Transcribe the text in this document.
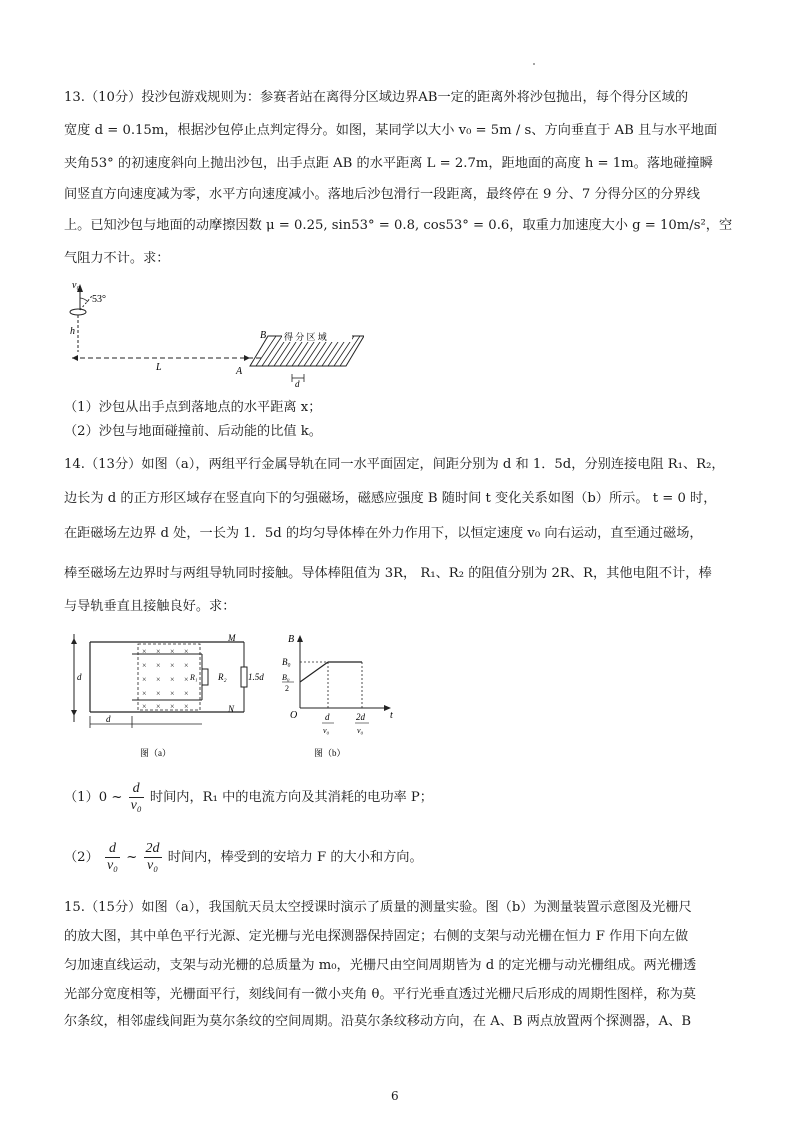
13.（10分）投沙包游戏规则为：参赛者站在离得分区域边界AB一定的距离外将沙包抛出，每个得分区域的
宽度 d = 0.15m，根据沙包停止点判定得分。如图，某同学以大小 v₀ = 5m / s、方向垂直于 AB 且与水平地面
夹角53° 的初速度斜向上抛出沙包，出手点距 AB 的水平距离 L = 2.7m，距地面的高度 h = 1m。落地碰撞瞬
间竖直方向速度减为零，水平方向速度减小。落地后沙包滑行一段距离，最终停在 9 分、7 分得分区的分界线
上。已知沙包与地面的动摩擦因数 μ = 0.25, sin53° = 0.8, cos53° = 0.6，取重力加速度大小 g = 10m/s²，空
气阻力不计。求：
v₀
53°
h
L
得 分 区 域
B
A
d
（1）沙包从出手点到落地点的水平距离 x；
（2）沙包与地面碰撞前、后动能的比值 k。
14.（13分）如图（a），两组平行金属导轨在同一水平面固定，间距分别为 d 和 1．5d，分别连接电阻 R₁、R₂，
边长为 d 的正方形区域存在竖直向下的匀强磁场，磁感应强度 B 随时间 t 变化关系如图（b）所示。 t = 0 时，
在距磁场左边界 d 处，一长为 1．5d 的均匀导体棒在外力作用下，以恒定速度 v₀ 向右运动，直至通过磁场，
棒至磁场左边界时与两组导轨同时接触。导体棒阻值为 3R， R₁、R₂ 的阻值分别为 2R、R，其他电阻不计，棒
与导轨垂直且接触良好。求：
× × × ×
× × × ×
× × × ×
× × × ×
× × × ×
R₁ R₂ 1.5d
M
N
d
d
图（a）
B
B₀
B₀
2
O	t
d
v₀
2d
v₀
图（b）
（1）0 ~ $\frac{d}{\text{v₀}}$ 时间内，R₁ 中的电流方向及其消耗的电功率 P；
$(2) \frac{d}{\text{v₀}}$ ~ $\frac{2d}{\text{v₀}}$ 时间内，棒受到的安培力 F 的大小和方向。
15.（15分）如图（a），我国航天员太空授课时演示了质量的测量实验。图（b）为测量装置示意图及光栅尺
的放大图，其中单色平行光源、定光栅与光电探测器保持固定；右侧的支架与动光栅在恒力 F 作用下向左做
匀加速直线运动，支架与动光栅的总质量为 m₀，光栅尺由空间周期皆为 d 的定光栅与动光栅组成。两光栅透
光部分宽度相等，光栅面平行，刻线间有一微小夹角 θ。平行光垂直透过光栅尺后形成的周期性图样，称为莫
尔条纹，相邻虚线间距为莫尔条纹的空间周期。沿莫尔条纹移动方向，在 A、B 两点放置两个探测器，A、B
6
